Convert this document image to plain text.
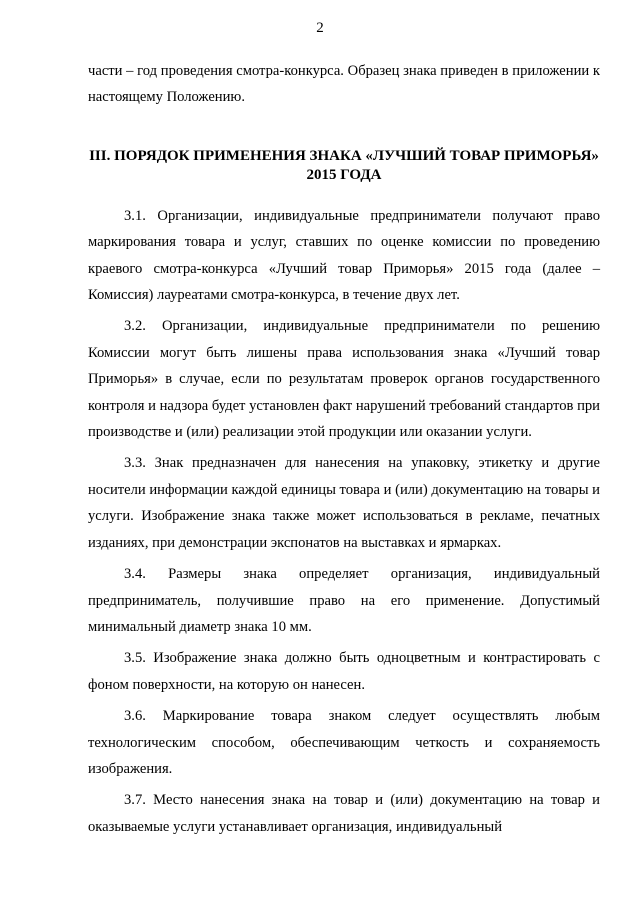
2

части – год проведения смотра-конкурса. Образец знака приведен в приложении к настоящему Положению.

III. ПОРЯДОК ПРИМЕНЕНИЯ ЗНАКА «ЛУЧШИЙ ТОВАР ПРИМОРЬЯ»
2015 ГОДА

3.1. Организации, индивидуальные предприниматели получают право маркирования товара и услуг, ставших по оценке комиссии по проведению краевого смотра-конкурса «Лучший товар Приморья» 2015 года (далее – Комиссия) лауреатами смотра-конкурса, в течение двух лет.

3.2. Организации, индивидуальные предприниматели по решению Комиссии могут быть лишены права использования знака «Лучший товар Приморья» в случае, если по результатам проверок органов государственного контроля и надзора будет установлен факт нарушений требований стандартов при производстве и (или) реализации этой продукции или оказании услуги.

3.3. Знак предназначен для нанесения на упаковку, этикетку и другие носители информации каждой единицы товара и (или) документацию на товары и услуги. Изображение знака также может использоваться в рекламе, печатных изданиях, при демонстрации экспонатов на выставках и ярмарках.

3.4. Размеры знака определяет организация, индивидуальный предприниматель, получившие право на его применение. Допустимый минимальный диаметр знака 10 мм.

3.5. Изображение знака должно быть одноцветным и контрастировать с фоном поверхности, на которую он нанесен.

3.6. Маркирование товара знаком следует осуществлять любым технологическим способом, обеспечивающим четкость и сохраняемость изображения.

3.7. Место нанесения знака на товар и (или) документацию на товар и оказываемые услуги устанавливает организация, индивидуальный
